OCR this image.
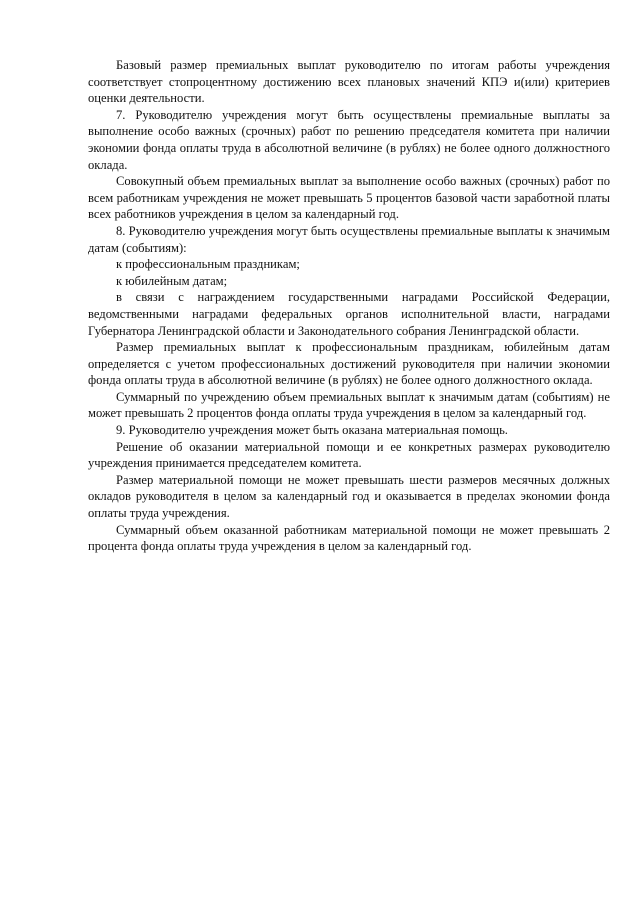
Базовый размер премиальных выплат руководителю по итогам работы учреждения соответствует стопроцентному достижению всех плановых значений КПЭ и(или) критериев оценки деятельности.

7. Руководителю учреждения могут быть осуществлены премиальные выплаты за выполнение особо важных (срочных) работ по решению председателя комитета при наличии экономии фонда оплаты труда в абсолютной величине (в рублях) не более одного должностного оклада.

Совокупный объем премиальных выплат за выполнение особо важных (срочных) работ по всем работникам учреждения не может превышать 5 процентов базовой части заработной платы всех работников учреждения в целом за календарный год.

8. Руководителю учреждения могут быть осуществлены премиальные выплаты к значимым датам (событиям):

к профессиональным праздникам;

к юбилейным датам;

в связи с награждением государственными наградами Российской Федерации, ведомственными наградами федеральных органов исполнительной власти, наградами Губернатора Ленинградской области и Законодательного собрания Ленинградской области.

Размер премиальных выплат к профессиональным праздникам, юбилейным датам определяется с учетом профессиональных достижений руководителя при наличии экономии фонда оплаты труда в абсолютной величине (в рублях) не более одного должностного оклада.

Суммарный по учреждению объем премиальных выплат к значимым датам (событиям) не может превышать 2 процентов фонда оплаты труда учреждения в целом за календарный год.

9. Руководителю учреждения может быть оказана материальная помощь.

Решение об оказании материальной помощи и ее конкретных размерах руководителю учреждения принимается председателем комитета.

Размер материальной помощи не может превышать шести размеров месячных должных окладов руководителя в целом за календарный год и оказывается в пределах экономии фонда оплаты труда учреждения.

Суммарный объем оказанной работникам материальной помощи не может превышать 2 процента фонда оплаты труда учреждения в целом за календарный год.
